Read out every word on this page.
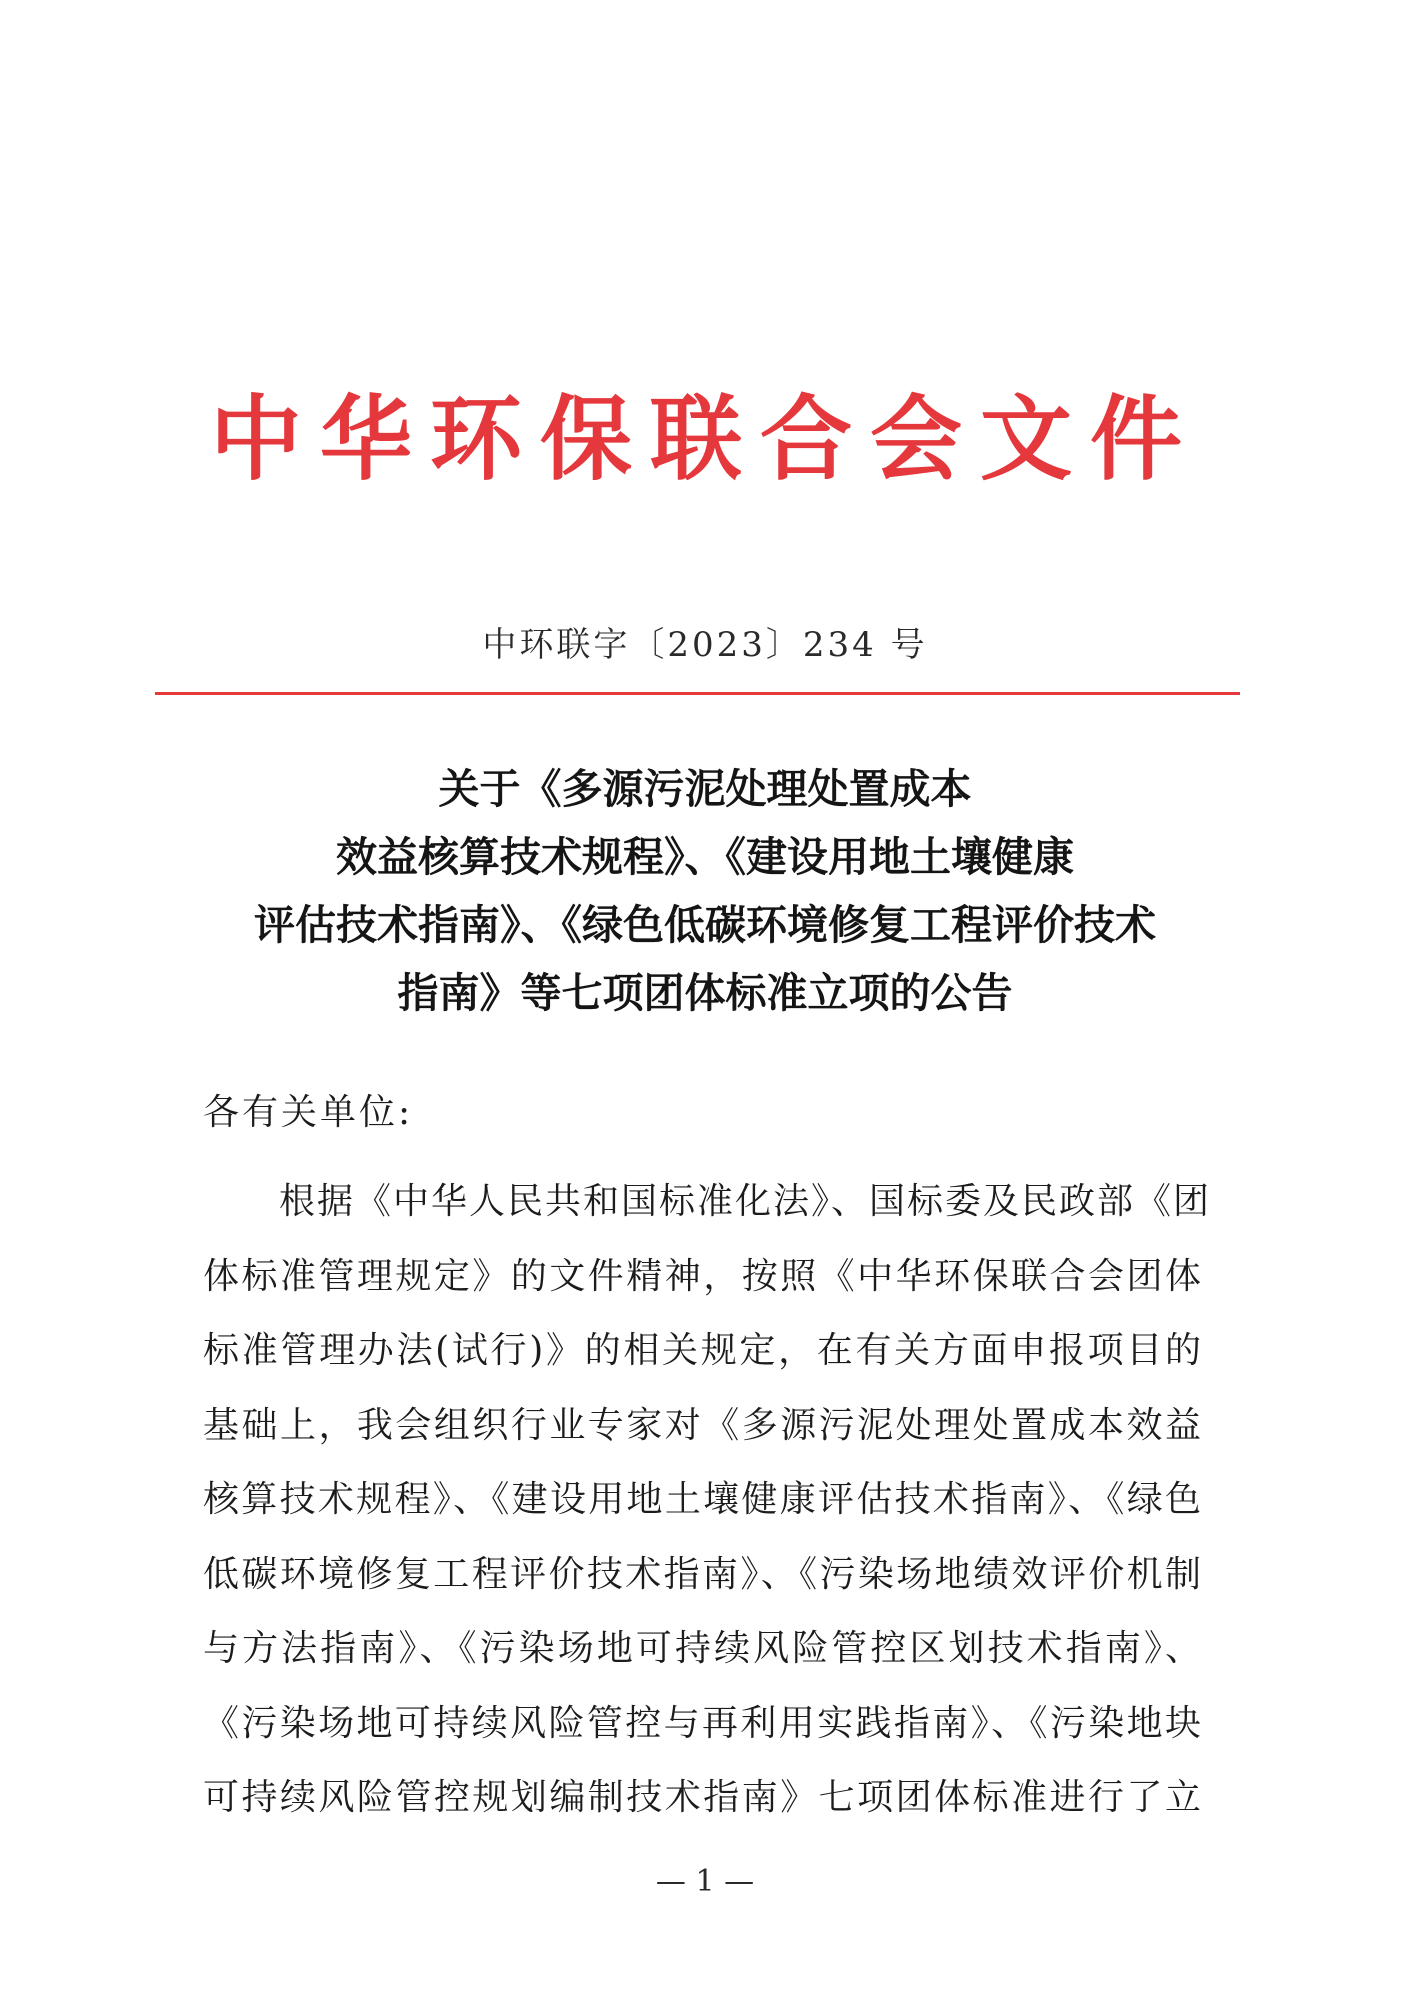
中华环保联合会文件
中环联字〔2023〕234 号
关于《多源污泥处理处置成本
效益核算技术规程》、《建设用地土壤健康
评估技术指南》、《绿色低碳环境修复工程评价技术
指南》等七项团体标准立项的公告
各有关单位:
根据《中华人民共和国标准化法》、国标委及民政部《团
体标准管理规定》的文件精神，按照《中华环保联合会团体
标准管理办法(试行)》的相关规定，在有关方面申报项目的
基础上，我会组织行业专家对《多源污泥处理处置成本效益
核算技术规程》、《建设用地土壤健康评估技术指南》、《绿色
低碳环境修复工程评价技术指南》、《污染场地绩效评价机制
与方法指南》、《污染场地可持续风险管控区划技术指南》、
《污染场地可持续风险管控与再利用实践指南》、《污染地块
可持续风险管控规划编制技术指南》七项团体标准进行了立
— 1 —
